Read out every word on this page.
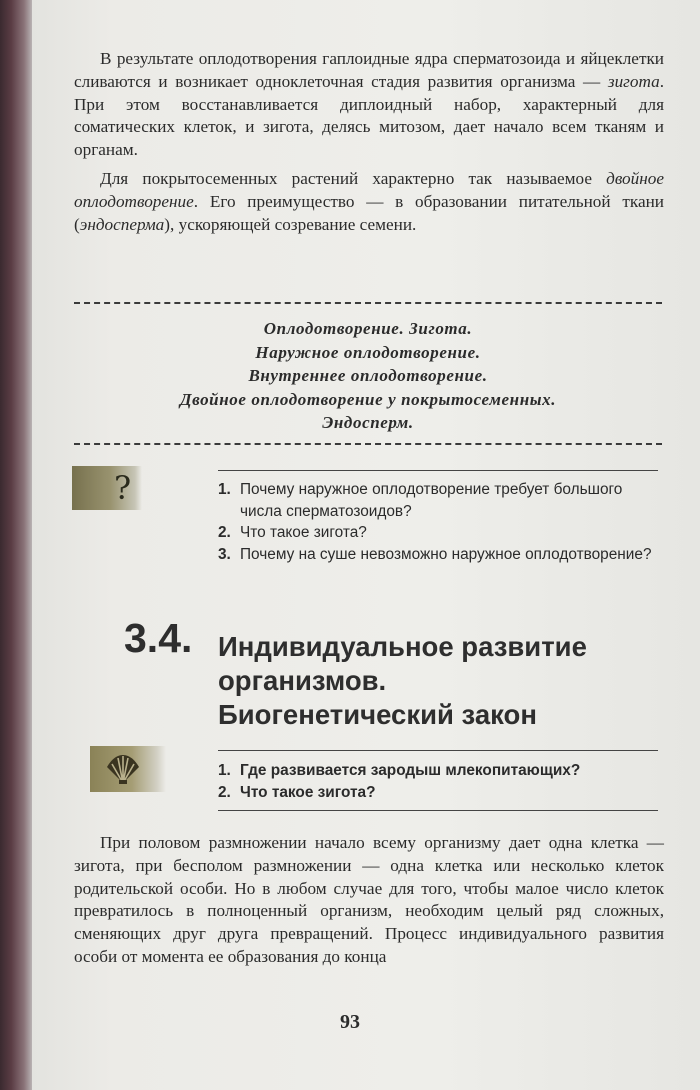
В результате оплодотворения гаплоидные ядра сперматозоида и яйцеклетки сливаются и возникает одноклеточная стадия развития организма — зигота. При этом восстанавливается диплоидный набор, характерный для соматических клеток, и зигота, делясь митозом, дает начало всем тканям и органам.

Для покрытосеменных растений характерно так называемое двойное оплодотворение. Его преимущество — в образовании питательной ткани (эндосперма), ускоряющей созревание семени.

Оплодотворение. Зигота.
Наружное оплодотворение.
Внутреннее оплодотворение.
Двойное оплодотворение у покрытосеменных.
Эндосперм.
?	1. Почему наружное оплодотворение требует большого числа сперматозоидов?
2. Что такое зигота?
3. Почему на суше невозможно наружное оплодотворение?
3.4. Индивидуальное развитие
организмов.
Биогенетический закон
1. Где развивается зародыш млекопитающих?
2. Что такое зигота?

При половом размножении начало всему организму дает одна клетка — зигота, при бесполом размножении — одна клетка или несколько клеток родительской особи. Но в любом случае для того, чтобы малое число клеток превратилось в полноценный организм, необходим целый ряд сложных, сменяющих друг друга превращений. Процесс индивидуального развития особи от момента ее образования до конца

93
